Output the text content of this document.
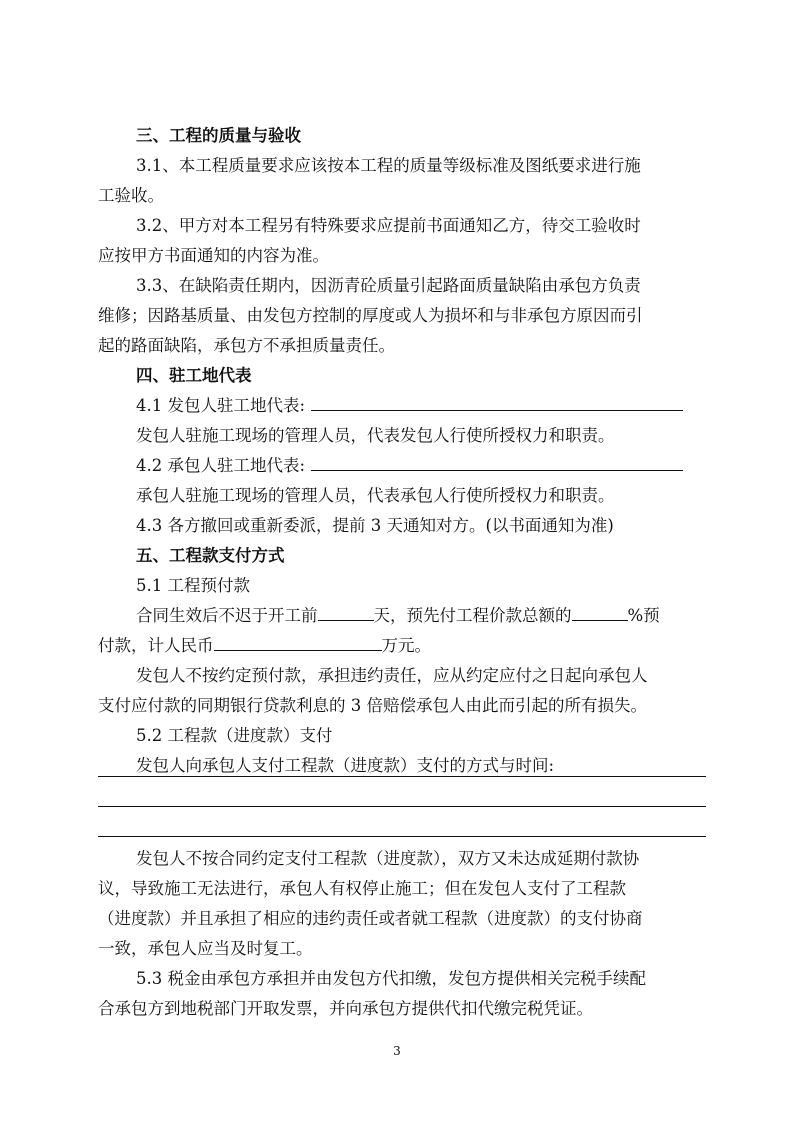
三、工程的质量与验收
3.1、本工程质量要求应该按本工程的质量等级标准及图纸要求进行施
工验收。
3.2、甲方对本工程另有特殊要求应提前书面通知乙方，待交工验收时
应按甲方书面通知的内容为准。
3.3、在缺陷责任期内，因沥青砼质量引起路面质量缺陷由承包方负责
维修；因路基质量、由发包方控制的厚度或人为损坏和与非承包方原因而引
起的路面缺陷，承包方不承担质量责任。
四、驻工地代表
4.1 发包人驻工地代表:
发包人驻施工现场的管理人员，代表发包人行使所授权力和职责。
4.2 承包人驻工地代表:
承包人驻施工现场的管理人员，代表承包人行使所授权力和职责。
4.3 各方撤回或重新委派，提前 3 天通知对方。(以书面通知为准)
五、工程款支付方式
5.1 工程预付款
合同生效后不迟于开工前	天，预先付工程价款总额的	%预
付款，计人民币	万元。
发包人不按约定预付款，承担违约责任，应从约定应付之日起向承包人
支付应付款的同期银行贷款利息的 3 倍赔偿承包人由此而引起的所有损失。
5.2 工程款（进度款）支付
发包人向承包人支付工程款（进度款）支付的方式与时间:
发包人不按合同约定支付工程款（进度款），双方又未达成延期付款协
议，导致施工无法进行，承包人有权停止施工；但在发包人支付了工程款
（进度款）并且承担了相应的违约责任或者就工程款（进度款）的支付协商
一致，承包人应当及时复工。
5.3 税金由承包方承担并由发包方代扣缴，发包方提供相关完税手续配
合承包方到地税部门开取发票，并向承包方提供代扣代缴完税凭证。
3
